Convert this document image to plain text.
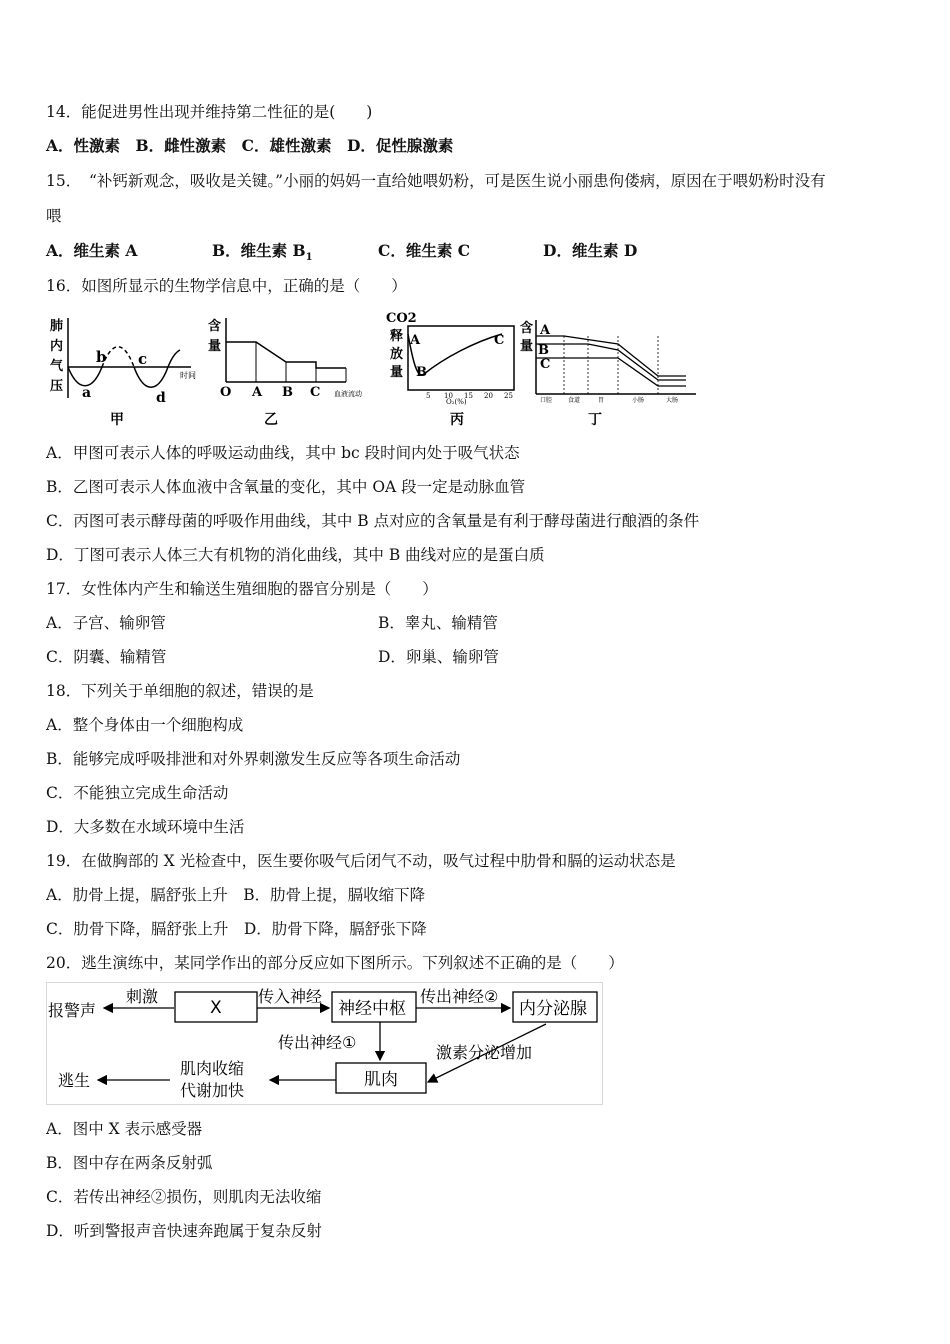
14．能促进男性出现并维持第二性征的是(　　)
A．性激素　B．雌性激素　C．雄性激素　D．促性腺激素
15．　“补钙新观念，吸收是关键。”小丽的妈妈一直给她喂奶粉，可是医生说小丽患佝偻病，原因在于喂奶粉时没有
喂
A．维生素 A	B．维生素 $B_1$	C．维生素 C	D．维生素 D
16．如图所显示的生物学信息中，正确的是（　　）
肺
内
气
压 a
b c
d
时间
甲
含
量
O A B C 血液流动
乙
CO2
释
放
量
A
B
C
5 10 15 20 25
O₂(%)
丙
含
量
A
B
C
口腔	食道	胃	小肠	大肠
丁
A．甲图可表示人体的呼吸运动曲线，其中 bc 段时间内处于吸气状态
B．乙图可表示人体血液中含氧量的变化，其中 OA 段一定是动脉血管
C．丙图可表示酵母菌的呼吸作用曲线，其中 B 点对应的含氧量是有利于酵母菌进行酿酒的条件
D．丁图可表示人体三大有机物的消化曲线，其中 B 曲线对应的是蛋白质
17．女性体内产生和输送生殖细胞的器官分别是（　　）
A．子宫、输卵管	B．睾丸、输精管
C．阴囊、输精管	D．卵巢、输卵管
18．下列关于单细胞的叙述，错误的是
A．整个身体由一个细胞构成
B．能够完成呼吸排泄和对外界刺激发生反应等各项生命活动
C．不能独立完成生命活动
D．大多数在水域环境中生活
19．在做胸部的 X 光检查中，医生要你吸气后闭气不动，吸气过程中肋骨和膈的运动状态是
A．肋骨上提，膈舒张上升　B．肋骨上提，膈收缩下降
C．肋骨下降，膈舒张上升　D．肋骨下降，膈舒张下降
20．逃生演练中，某同学作出的部分反应如下图所示。下列叙述不正确的是（　　）
报警声
刺激
X
传入神经
神经中枢
传出神经②
内分泌腺
传出神经①
激素分泌增加
肌肉
肌肉收缩
代谢加快
逃生
A．图中 X 表示感受器
B．图中存在两条反射弧
C．若传出神经②损伤，则肌肉无法收缩
D．听到警报声音快速奔跑属于复杂反射
